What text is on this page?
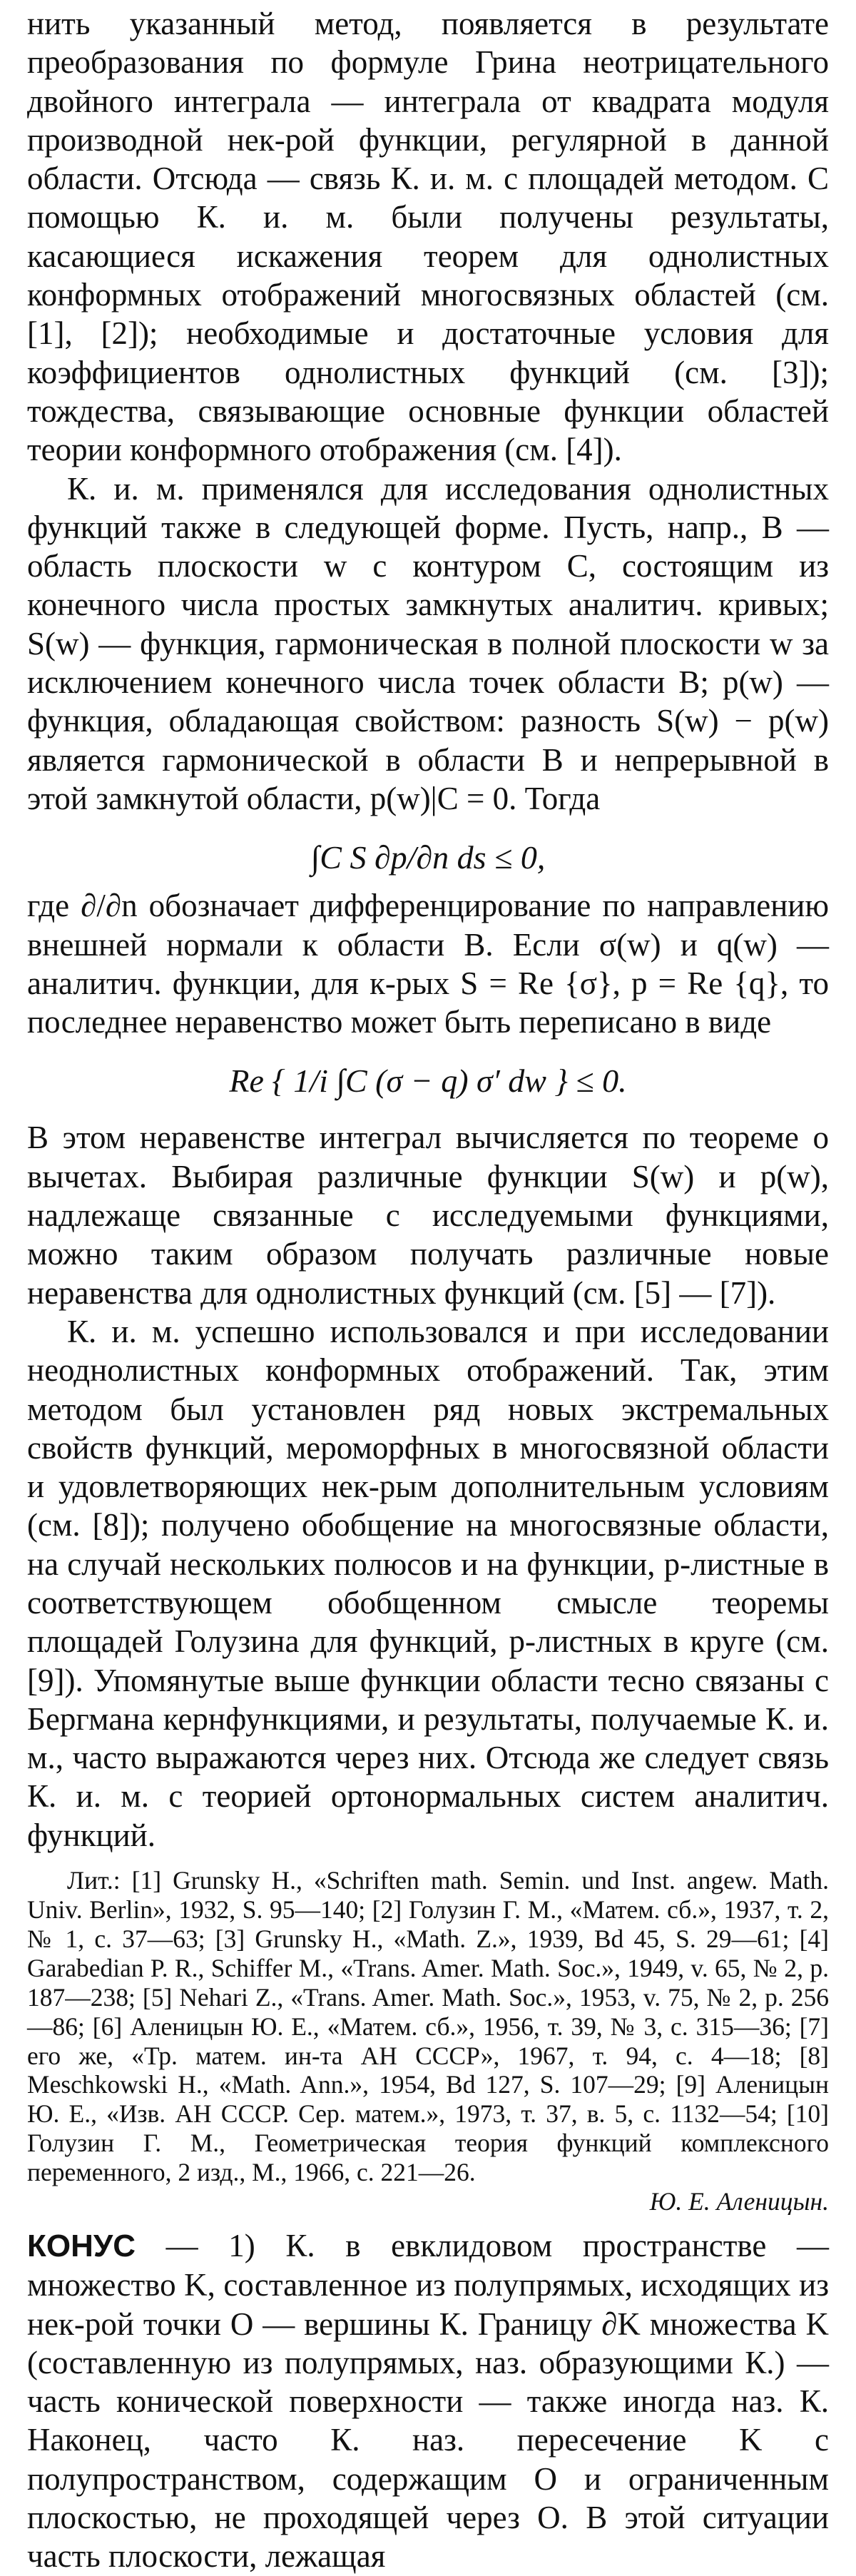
нить указанный метод, появляется в результате преобразования по формуле Грина неотрицательного двойного интеграла — интеграла от квадрата модуля производной нек-рой функции, регулярной в данной области. Отсюда — связь К. и. м. с площадей методом. С помощью К. и. м. были получены результаты, касающиеся искажения теорем для однолистных конформных отображений многосвязных областей (см. [1], [2]); необходимые и достаточные условия для коэффициентов однолистных функций (см. [3]); тождества, связывающие основные функции областей теории конформного отображения (см. [4]).

К. и. м. применялся для исследования однолистных функций также в следующей форме. Пусть, напр., B — область плоскости w с контуром C, состоящим из конечного числа простых замкнутых аналитич. кривых; S(w) — функция, гармоническая в полной плоскости w за исключением конечного числа точек области B; p(w) — функция, обладающая свойством: разность S(w) − p(w) является гармонической в области B и непрерывной в этой замкнутой области, p(w)|C = 0. Тогда

∫C S ∂p/∂n ds ≤ 0,

где ∂/∂n обозначает дифференцирование по направлению внешней нормали к области B. Если σ(w) и q(w) — аналитич. функции, для к-рых S = Re {σ}, p = Re {q}, то последнее неравенство может быть переписано в виде

Re { 1/i ∫C (σ − q) σ′ dw } ≤ 0.

В этом неравенстве интеграл вычисляется по теореме о вычетах. Выбирая различные функции S(w) и p(w), надлежаще связанные с исследуемыми функциями, можно таким образом получать различные новые неравенства для однолистных функций (см. [5] — [7]).

К. и. м. успешно использовался и при исследовании неоднолистных конформных отображений. Так, этим методом был установлен ряд новых экстремальных свойств функций, мероморфных в многосвязной области и удовлетворяющих нек-рым дополнительным условиям (см. [8]); получено обобщение на многосвязные области, на случай нескольких полюсов и на функции, p-листные в соответствующем обобщенном смысле теоремы площадей Голузина для функций, p-листных в круге (см. [9]). Упомянутые выше функции области тесно связаны с Бергмана кернфункциями, и результаты, получаемые К. и. м., часто выражаются через них. Отсюда же следует связь К. и. м. с теорией ортонормальных систем аналитич. функций.

Лит.: [1] Grunsky H., «Schriften math. Semin. und Inst. angew. Math. Univ. Berlin», 1932, S. 95—140; [2] Голузин Г. М., «Матем. сб.», 1937, т. 2, № 1, с. 37—63; [3] Grunsky H., «Math. Z.», 1939, Bd 45, S. 29—61; [4] Garabedian P. R., Schiffer M., «Trans. Amer. Math. Soc.», 1949, v. 65, № 2, p. 187—238; [5] Nehari Z., «Trans. Amer. Math. Soc.», 1953, v. 75, № 2, p. 256—86; [6] Аленицын Ю. Е., «Матем. сб.», 1956, т. 39, № 3, с. 315—36; [7] его же, «Тр. матем. ин-та АН СССР», 1967, т. 94, с. 4—18; [8] Meschkowski H., «Math. Ann.», 1954, Bd 127, S. 107—29; [9] Аленицын Ю. Е., «Изв. АН СССР. Сер. матем.», 1973, т. 37, в. 5, с. 1132—54; [10] Голузин Г. М., Геометрическая теория функций комплексного переменного, 2 изд., М., 1966, с. 221—26.
Ю. Е. Аленицын.

КОНУС — 1) К. в евклидовом пространстве — множество K, составленное из полупрямых, исходящих из нек-рой точки O — вершины К. Границу ∂K множества K (составленную из полупрямых, наз. образующими К.) — часть конической поверхности — также иногда наз. К. Наконец, часто К. наз. пересечение K с полупространством, содержащим O и ограниченным плоскостью, не проходящей через O. В этой ситуации часть плоскости, лежащая
